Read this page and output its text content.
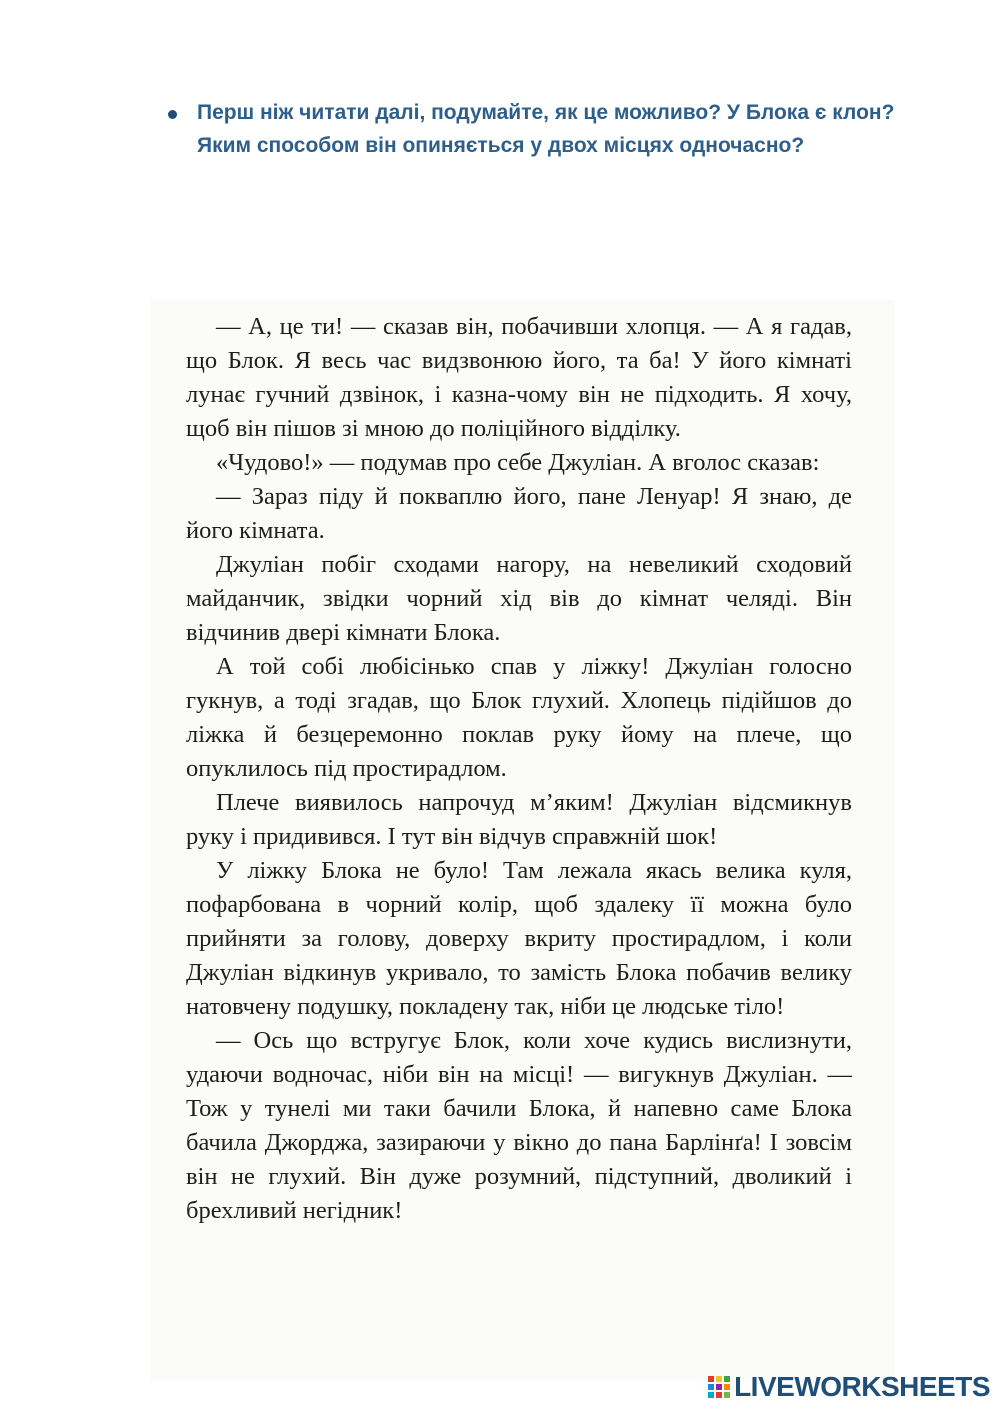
Перш ніж читати далі, подумайте, як це можливо? У Блока є клон? Яким способом він опиняється у двох місцях одночасно?

— А, це ти! — сказав він, побачивши хлопця. — А я гадав, що Блок. Я весь час видзвонюю його, та ба! У його кімнаті лунає гучний дзвінок, і казна-чому він не підходить. Я хочу, щоб він пішов зі мною до поліційного відділку.

«Чудово!» — подумав про себе Джуліан. А вголос сказав:

— Зараз піду й поквaплю його, пане Ленуар! Я знаю, де його кімната.

Джуліан побіг сходами нагору, на невеликий сходовий майданчик, звідки чорний хід вів до кімнат челяді. Він відчинив двері кімнати Блока.

А той собі любісінько спав у ліжку! Джуліан голосно гукнув, а тоді згадав, що Блок глухий. Хлопець підійшов до ліжка й безцеремонно поклав руку йому на плече, що опуклилось під простирадлом.

Плече виявилось напрочуд м’яким! Джуліан відсмикнув руку і придивився. І тут він відчув справжній шок!

У ліжку Блока не було! Там лежала якась велика куля, пофарбована в чорний колір, щоб здалеку її можна було прийняти за голову, доверху вкриту простирадлом, і коли Джуліан відкинув укривало, то замість Блока побачив велику натовчену подушку, покладену так, ніби це людське тіло!

— Ось що встругує Блок, коли хоче кудись вислизнути, удаючи водночас, ніби він на місці! — вигукнув Джуліан. — Тож у тунелі ми таки бачили Блока, й напевно саме Блока бачила Джорджа, зазираючи у вікно до пана Барлінґа! І зовсім він не глухий. Він дуже розумний, підступний, дволикий і брехливий негідник!

LIVEWORKSHEETS
